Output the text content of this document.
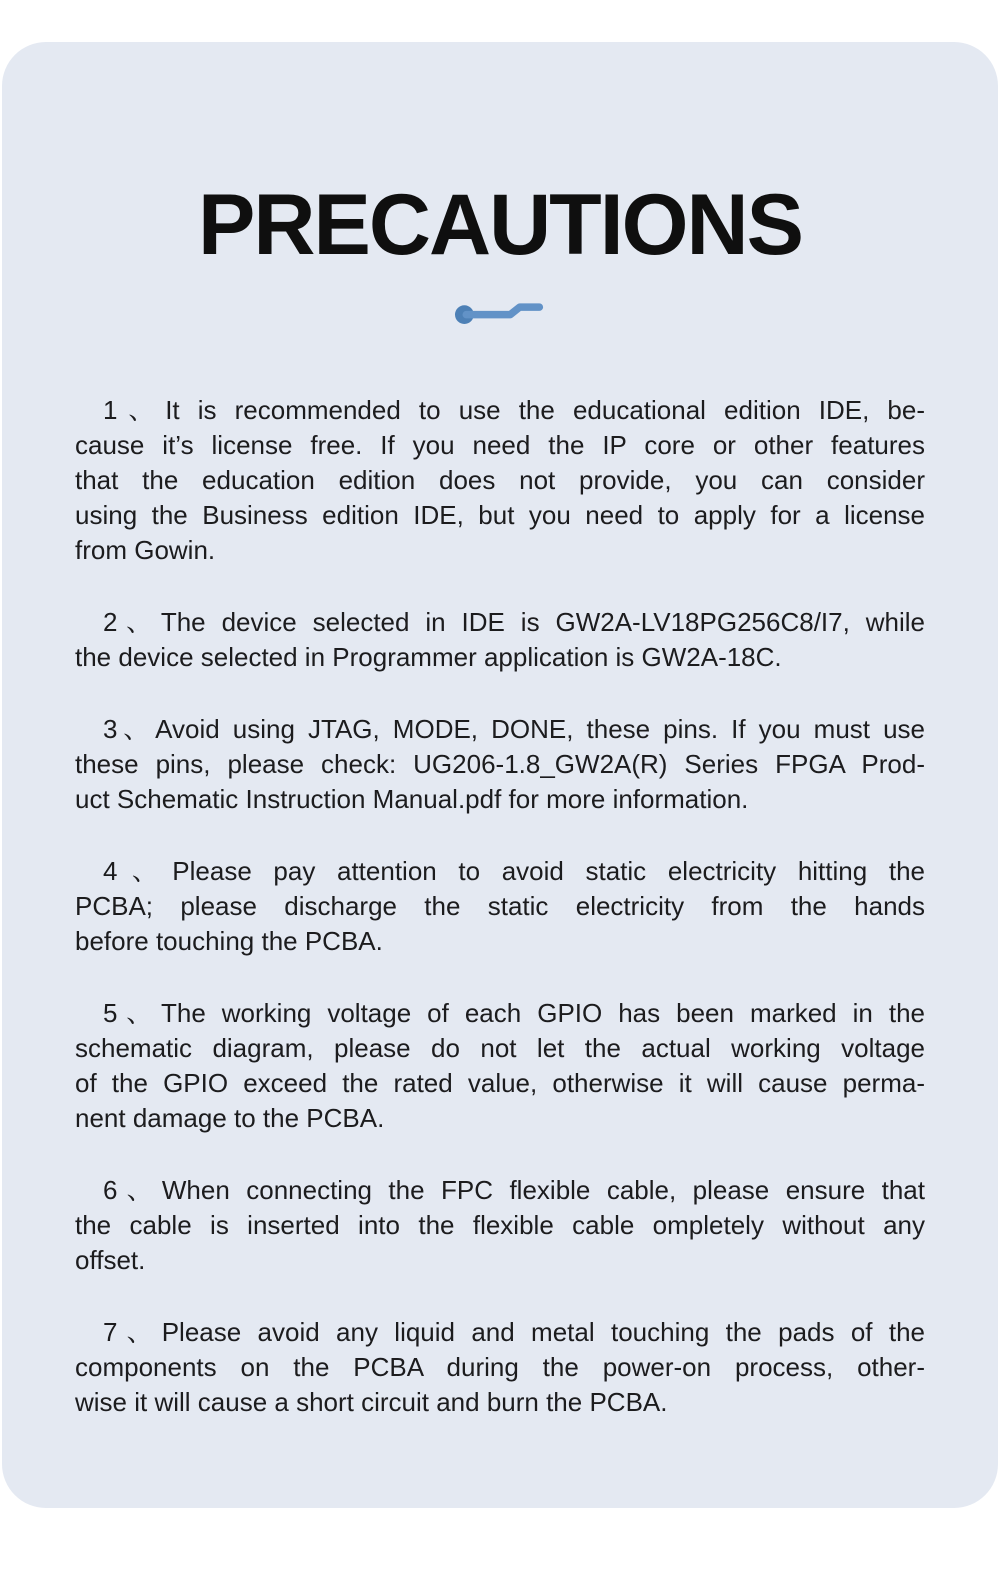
PRECAUTIONS
1、It is recommended to use the educational edition IDE, be-
cause it’s license free. If you need the IP core or other features
that the education edition does not provide, you can consider
using the Business edition IDE, but you need to apply for a license
from Gowin.
2、The device selected in IDE is GW2A-LV18PG256C8/I7, while
the device selected in Programmer application is GW2A-18C.
3、Avoid using JTAG, MODE, DONE, these pins. If you must use
these pins, please check: UG206-1.8_GW2A(R) Series FPGA Prod-
uct Schematic Instruction Manual.pdf for more information.
4、Please pay attention to avoid static electricity hitting the
PCBA; please discharge the static electricity from the hands
before touching the PCBA.
5、The working voltage of each GPIO has been marked in the
schematic diagram, please do not let the actual working voltage
of the GPIO exceed the rated value, otherwise it will cause perma-
nent damage to the PCBA.
6、When connecting the FPC flexible cable, please ensure that
the cable is inserted into the flexible cable ompletely without any
offset.
7、Please avoid any liquid and metal touching the pads of the
components on the PCBA during the power-on process, other-
wise it will cause a short circuit and burn the PCBA.
